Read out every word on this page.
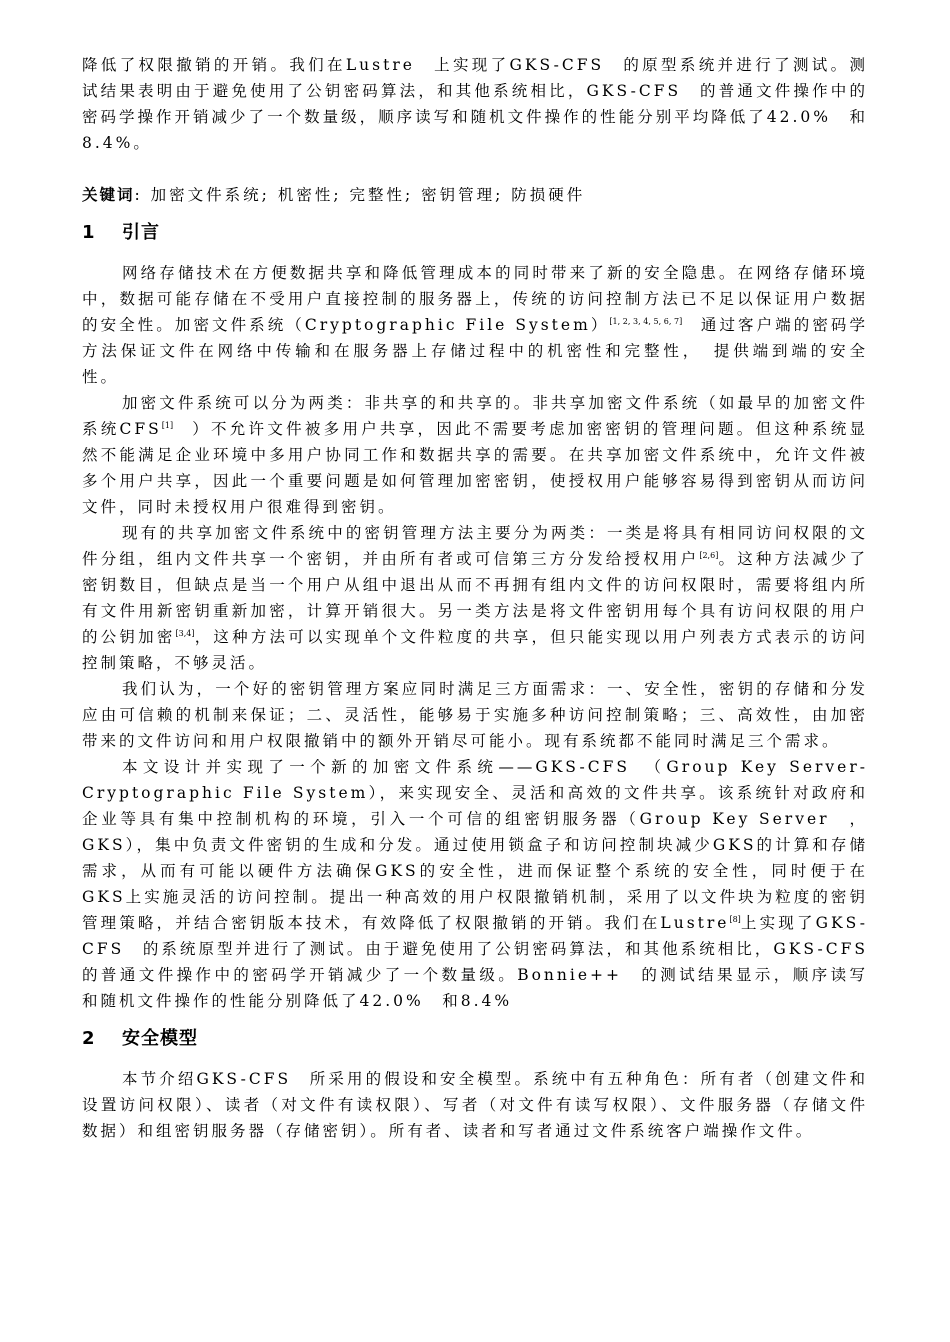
降低了权限撤销的开销。我们在Lustre　上实现了GKS-CFS　的原型系统并进行了测试。测试结果表明由于避免使用了公钥密码算法，和其他系统相比，GKS-CFS　的普通文件操作中的密码学操作开销减少了一个数量级，顺序读写和随机文件操作的性能分别平均降低了42.0%　和8.4%。

关键词: 加密文件系统; 机密性; 完整性; 密钥管理; 防损硬件

1 引言

网络存储技术在方便数据共享和降低管理成本的同时带来了新的安全隐患。在网络存储环境中，数据可能存储在不受用户直接控制的服务器上，传统的访问控制方法已不足以保证用户数据的安全性。加密文件系统（Cryptographic File System）[1, 2, 3, 4, 5, 6, 7]　通过客户端的密码学方法保证文件在网络中传输和在服务器上存储过程中的机密性和完整性，　提供端到端的安全性。

加密文件系统可以分为两类：非共享的和共享的。非共享加密文件系统（如最早的加密文件系统CFS[1]　）不允许文件被多用户共享，因此不需要考虑加密密钥的管理问题。但这种系统显然不能满足企业环境中多用户协同工作和数据共享的需要。在共享加密文件系统中，允许文件被多个用户共享，因此一个重要问题是如何管理加密密钥，使授权用户能够容易得到密钥从而访问文件，同时未授权用户很难得到密钥。

现有的共享加密文件系统中的密钥管理方法主要分为两类：一类是将具有相同访问权限的文件分组，组内文件共享一个密钥，并由所有者或可信第三方分发给授权用户[2,6]。这种方法减少了密钥数目，但缺点是当一个用户从组中退出从而不再拥有组内文件的访问权限时，需要将组内所有文件用新密钥重新加密，计算开销很大。另一类方法是将文件密钥用每个具有访问权限的用户的公钥加密[3,4]，这种方法可以实现单个文件粒度的共享，但只能实现以用户列表方式表示的访问控制策略，不够灵活。

我们认为，一个好的密钥管理方案应同时满足三方面需求：一、安全性，密钥的存储和分发应由可信赖的机制来保证；二、灵活性，能够易于实施多种访问控制策略；三、高效性，由加密带来的文件访问和用户权限撤销中的额外开销尽可能小。现有系统都不能同时满足三个需求。

本文设计并实现了一个新的加密文件系统——GKS-CFS　（Group Key Server-Cryptographic File System），来实现安全、灵活和高效的文件共享。该系统针对政府和企业等具有集中控制机构的环境，引入一个可信的组密钥服务器（Group Key Server　，GKS），集中负责文件密钥的生成和分发。通过使用锁盒子和访问控制块减少GKS的计算和存储需求，从而有可能以硬件方法确保GKS的安全性，进而保证整个系统的安全性，同时便于在GKS上实施灵活的访问控制。提出一种高效的用户权限撤销机制，采用了以文件块为粒度的密钥管理策略，并结合密钥版本技术，有效降低了权限撤销的开销。我们在Lustre[8]上实现了GKS-CFS　的系统原型并进行了测试。由于避免使用了公钥密码算法，和其他系统相比，GKS-CFS　的普通文件操作中的密码学开销减少了一个数量级。Bonnie++　的测试结果显示，顺序读写和随机文件操作的性能分别降低了42.0%　和8.4%

2 安全模型

本节介绍GKS-CFS　所采用的假设和安全模型。系统中有五种角色：所有者（创建文件和设置访问权限）、读者（对文件有读权限）、写者（对文件有读写权限）、文件服务器（存储文件数据）和组密钥服务器（存储密钥）。所有者、读者和写者通过文件系统客户端操作文件。
